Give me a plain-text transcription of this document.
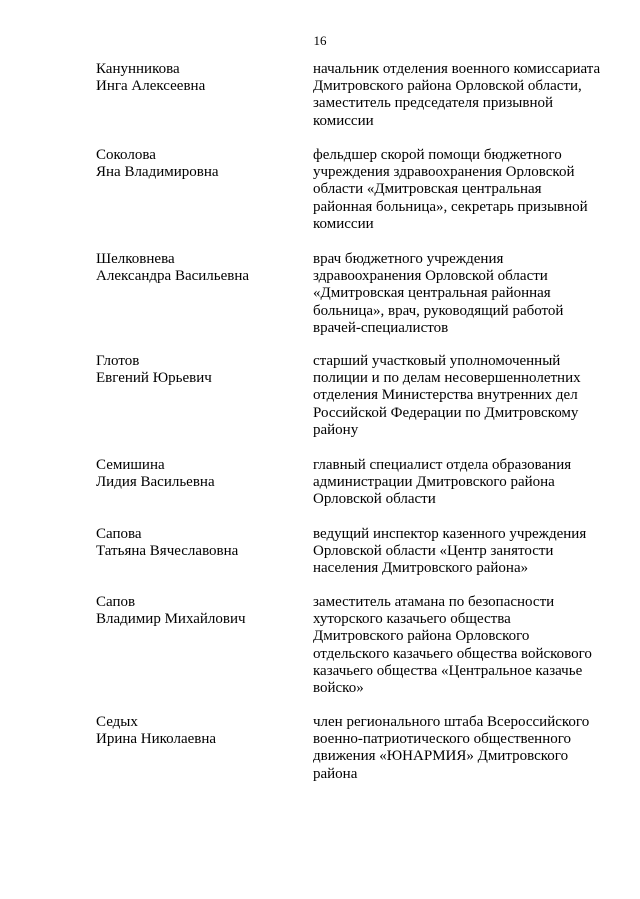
16
Канунникова
Инга Алексеевна
начальник отделения военного комиссариата
Дмитровского района Орловской области,
заместитель председателя призывной
комиссии
Соколова
Яна Владимировна
фельдшер скорой помощи бюджетного
учреждения здравоохранения Орловской
области «Дмитровская центральная
районная больница», секретарь призывной
комиссии
Шелковнева
Александра Васильевна
врач бюджетного учреждения
здравоохранения Орловской области
«Дмитровская центральная районная
больница», врач, руководящий работой
врачей-специалистов
Глотов
Евгений Юрьевич
старший участковый уполномоченный
полиции и по делам несовершеннолетних
отделения Министерства внутренних дел
Российской Федерации по Дмитровскому
району
Семишина
Лидия Васильевна
главный специалист отдела образования
администрации Дмитровского района
Орловской области
Сапова
Татьяна Вячеславовна
ведущий инспектор казенного учреждения
Орловской области «Центр занятости
населения Дмитровского района»
Сапов
Владимир Михайлович
заместитель атамана по безопасности
хуторского казачьего общества
Дмитровского района Орловского
отдельского казачьего общества войскового
казачьего общества «Центральное казачье
войско»
Седых
Ирина Николаевна
член регионального штаба Всероссийского
военно-патриотического общественного
движения «ЮНАРМИЯ» Дмитровского
района
